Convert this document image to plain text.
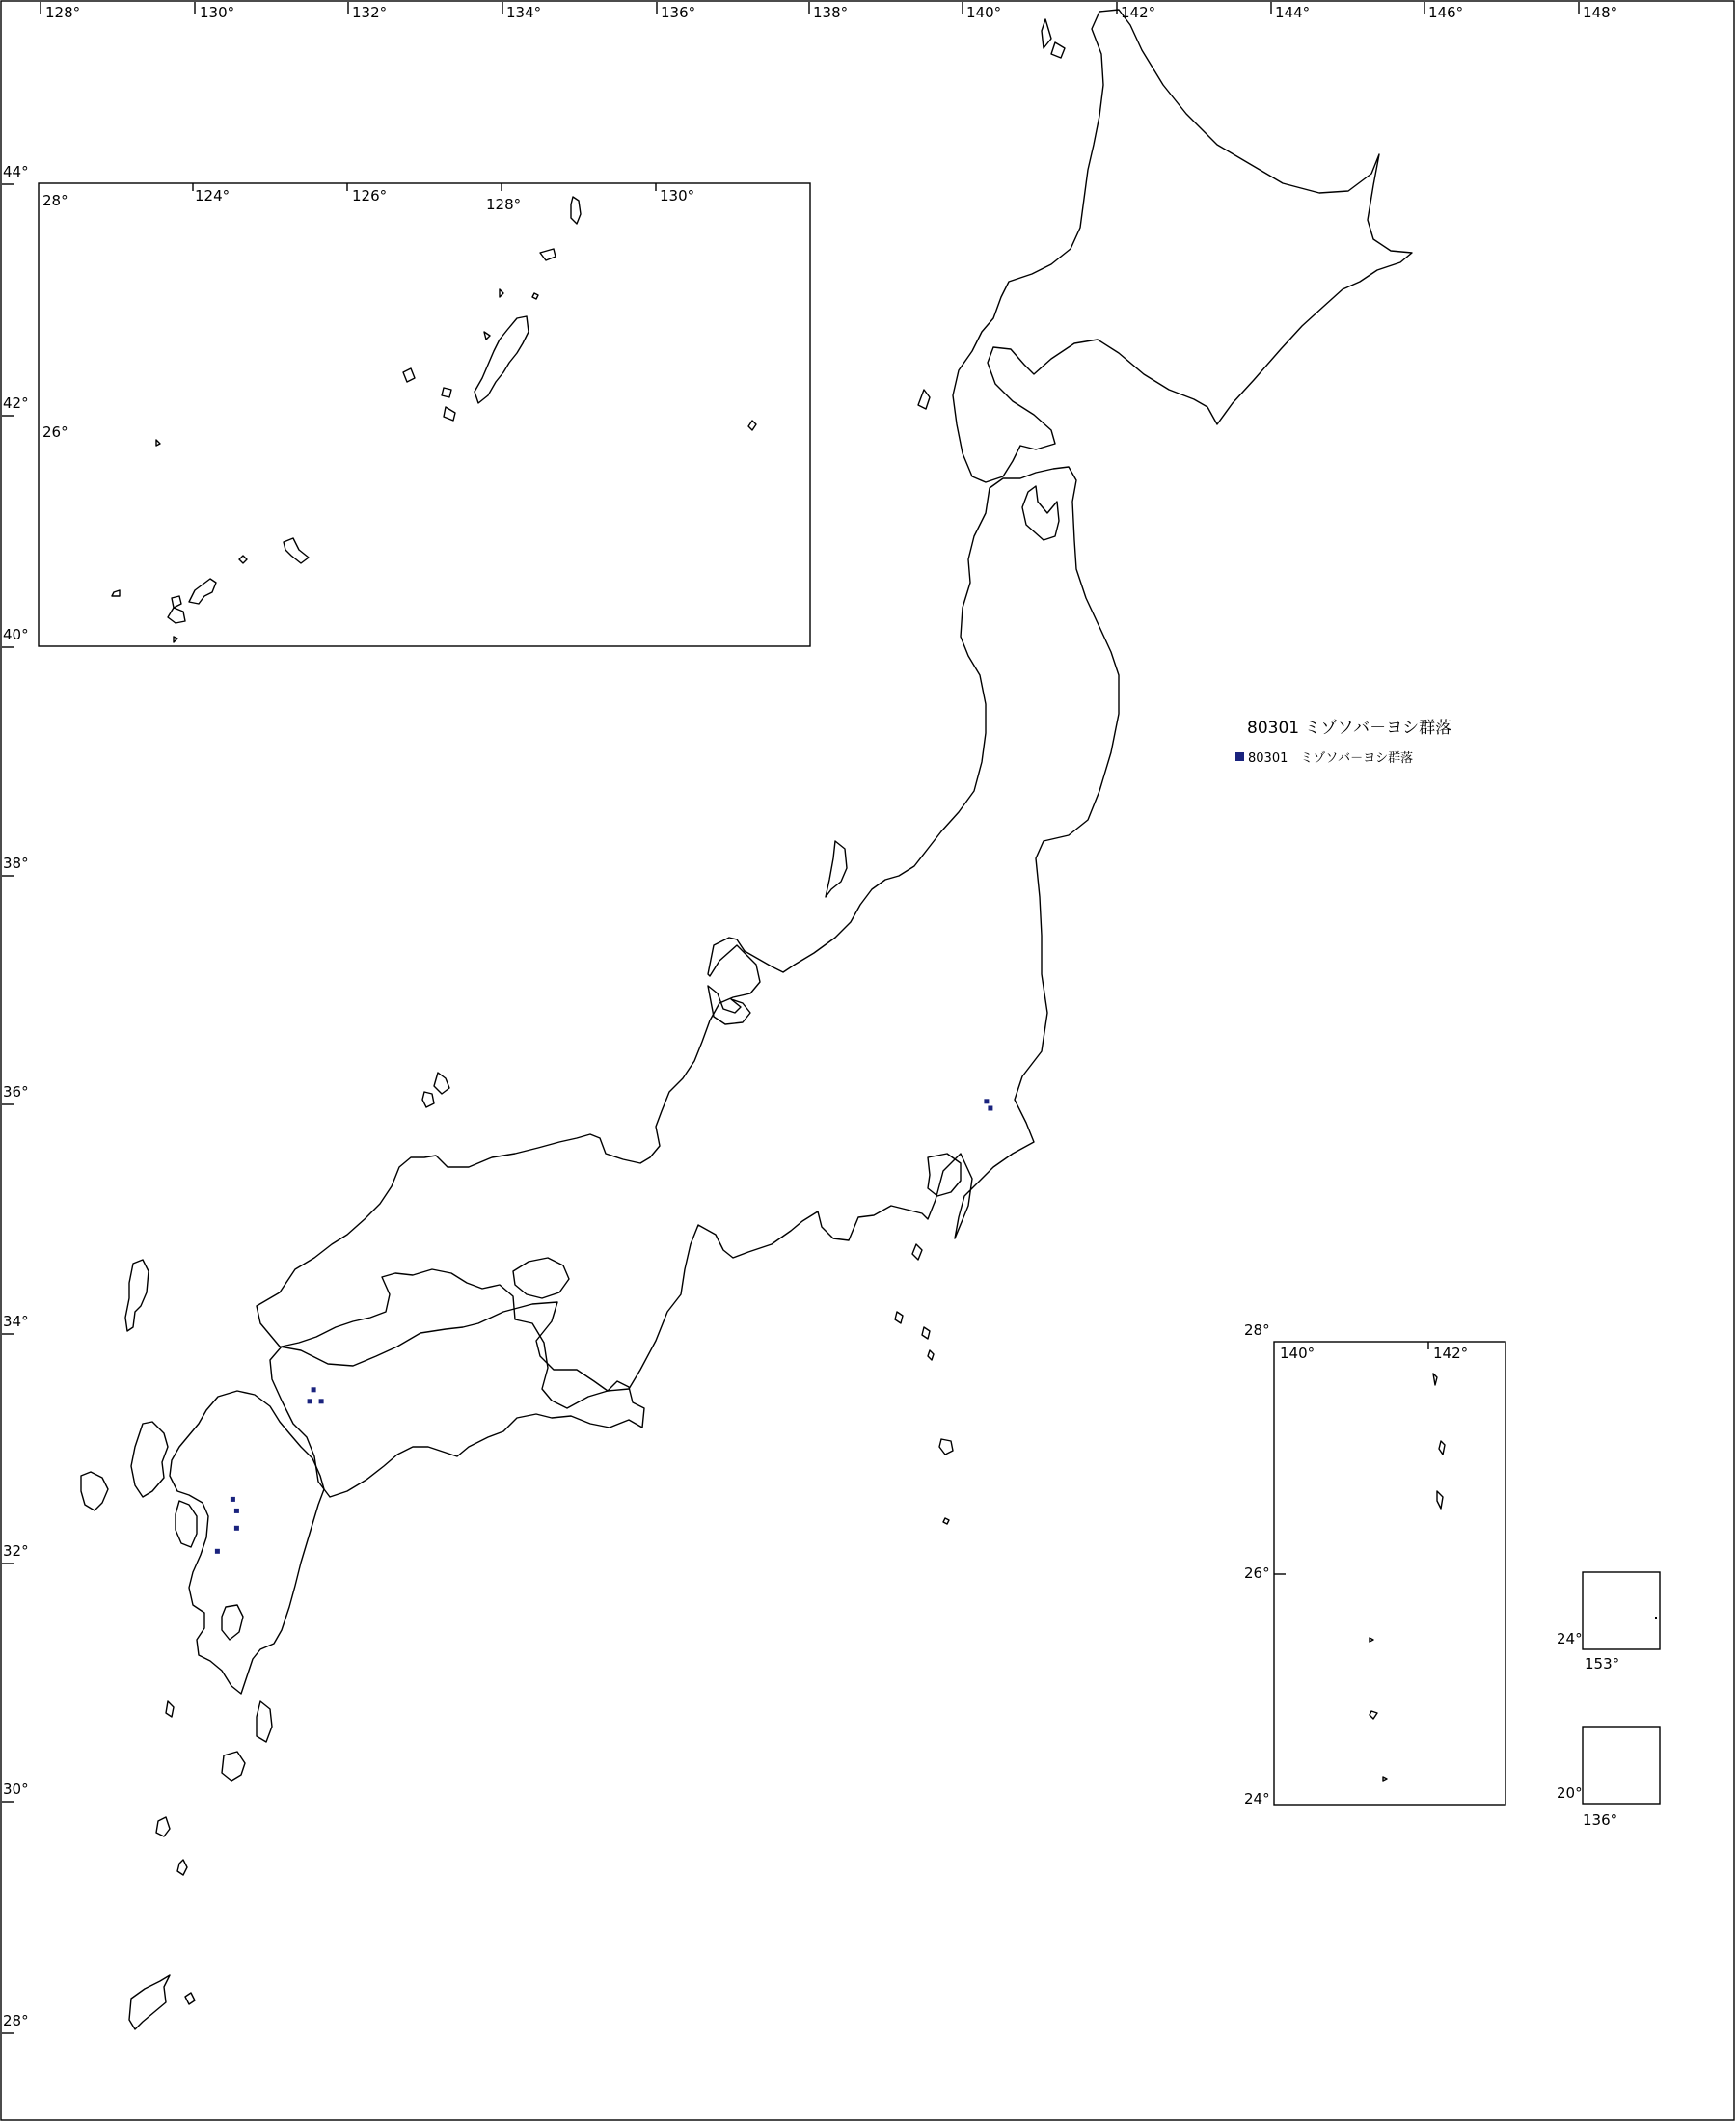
128°	130°	132°	134°	136°	138°	140°	142°	144°	146°	148°
44°
42°
40°
38°
36°
34°
32°
30°
28°
28°
26°
124°	126°	128°	130°
28°
26°
24°
140°	142°
24°
153°
20°
136°
80301 ミゾソバ－ヨシ群落
80301　ミゾソバ－ヨシ群落
